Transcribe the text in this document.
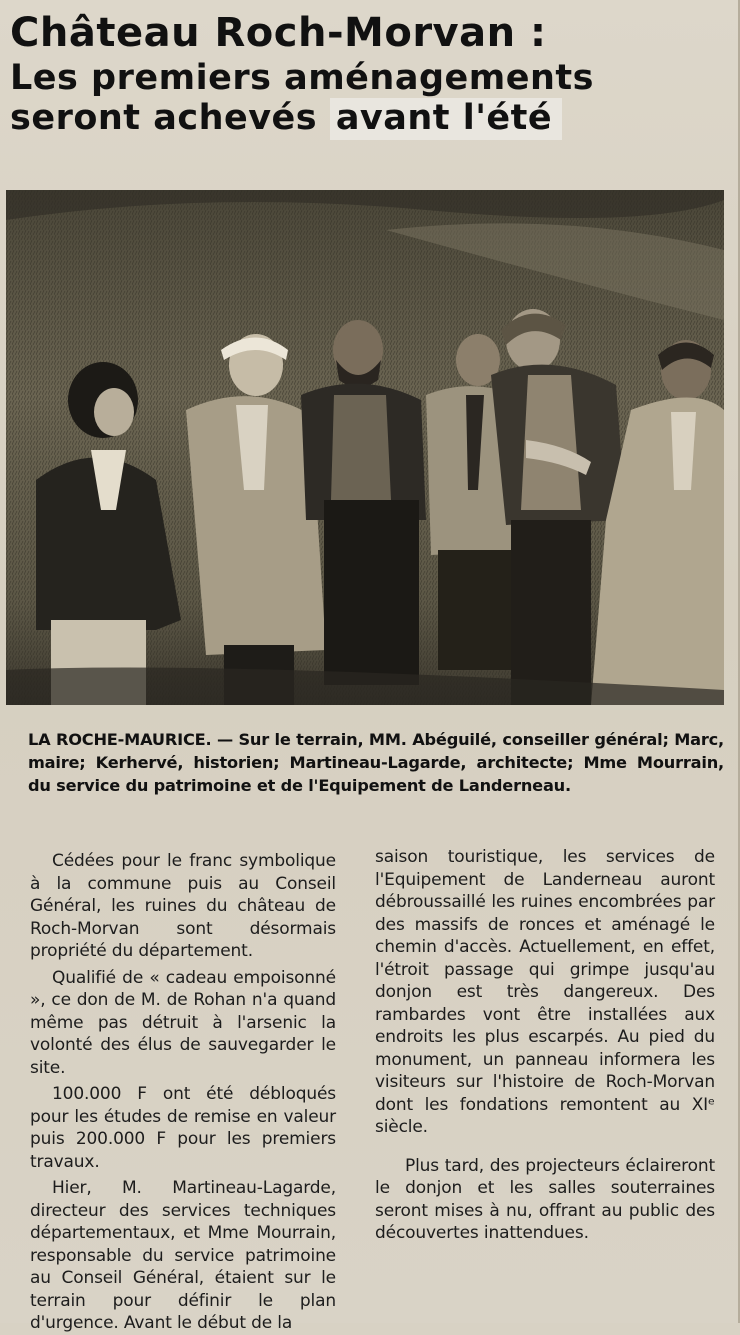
Château Roch-Morvan :
Les premiers aménagements
seront achevés avant l'été

LA ROCHE-MAURICE. — Sur le terrain, MM. Abéguilé, conseiller général; Marc, maire; Kerhervé, historien; Martineau-Lagarde, architecte; Mme Mourrain, du service du patrimoine et de l'Equipement de Landerneau.

Cédées pour le franc symbolique à la commune puis au Conseil Général, les ruines du château de Roch-Morvan sont désormais propriété du département.

Qualifié de « cadeau empoisonné », ce don de M. de Rohan n'a quand même pas détruit à l'arsenic la volonté des élus de sauvegarder le site.

100.000 F ont été débloqués pour les études de remise en valeur puis 200.000 F pour les premiers travaux.

Hier, M. Martineau-Lagarde, directeur des services techniques départementaux, et Mme Mourrain, responsable du service patrimoine au Conseil Général, étaient sur le terrain pour définir le plan d'urgence. Avant le début de la

saison touristique, les services de l'Equipement de Landerneau auront débroussaillé les ruines encombrées par des massifs de ronces et aménagé le chemin d'accès. Actuellement, en effet, l'étroit passage qui grimpe jusqu'au donjon est très dangereux. Des rambardes vont être installées aux endroits les plus escarpés. Au pied du monument, un panneau informera les visiteurs sur l'histoire de Roch-Morvan dont les fondations remontent au XIᵉ siècle.

Plus tard, des projecteurs éclaireront le donjon et les salles souterraines seront mises à nu, offrant au public des découvertes inattendues.
